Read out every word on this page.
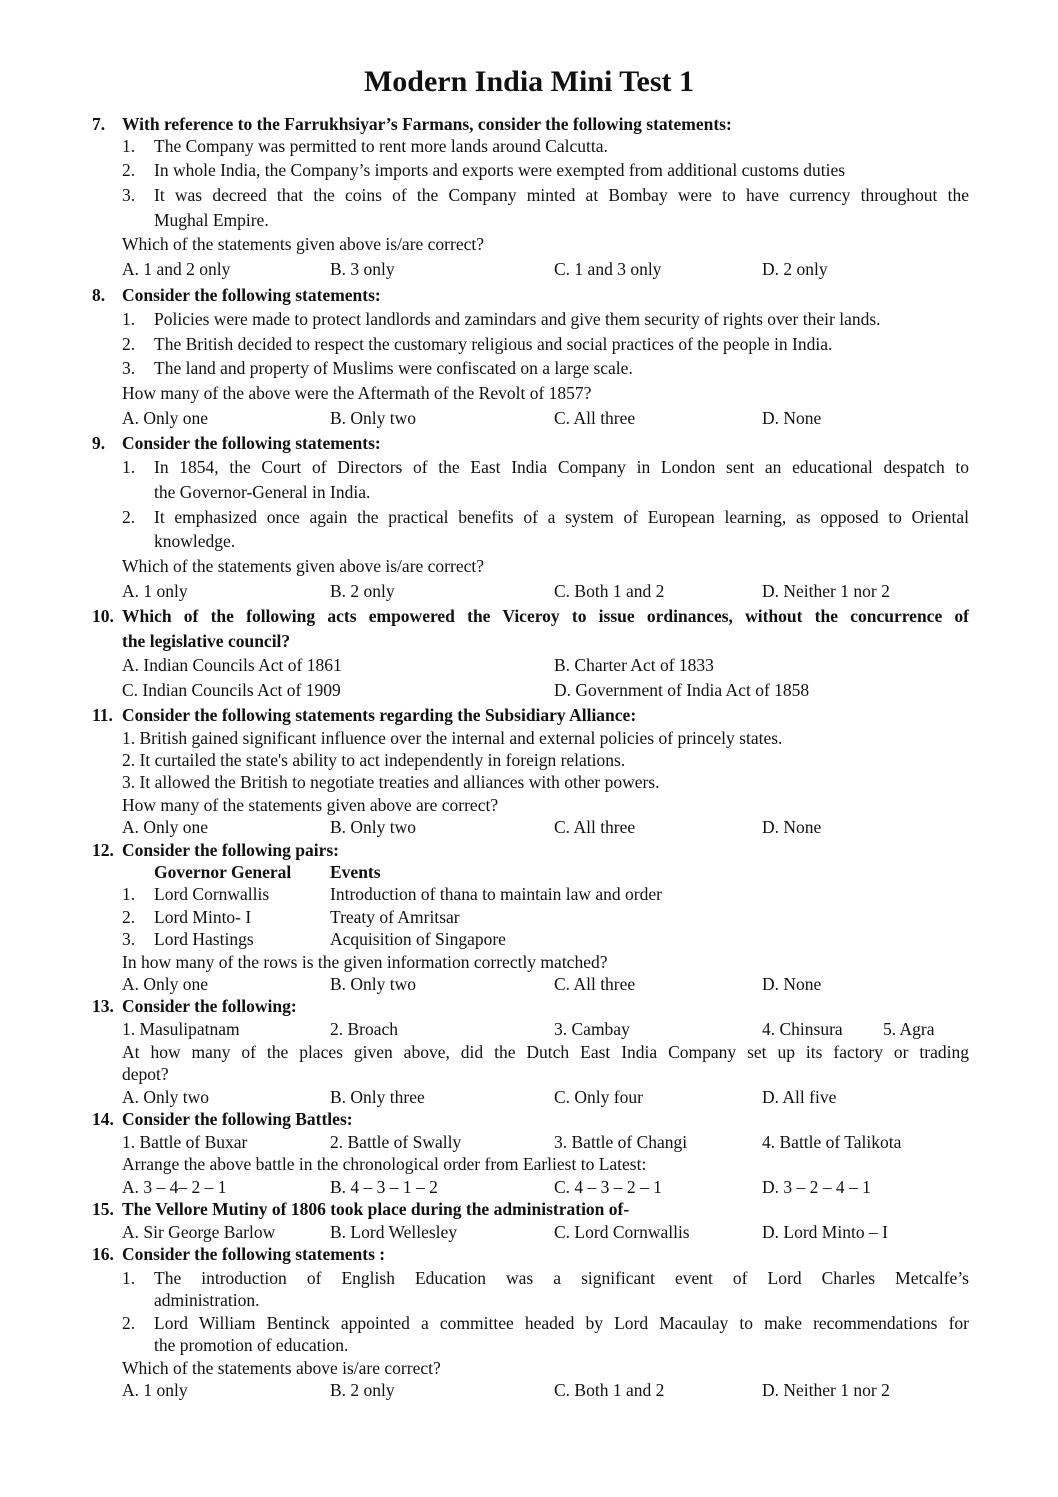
Modern India Mini Test 1
7. With reference to the Farrukhsiyar’s Farmans, consider the following statements:
1. The Company was permitted to rent more lands around Calcutta.
2. In whole India, the Company’s imports and exports were exempted from additional customs duties
3. It was decreed that the coins of the Company minted at Bombay were to have currency throughout the
Mughal Empire.
Which of the statements given above is/are correct?
A. 1 and 2 only	B. 3 only	C. 1 and 3 only	D. 2 only
8. Consider the following statements:
1. Policies were made to protect landlords and zamindars and give them security of rights over their lands.
2. The British decided to respect the customary religious and social practices of the people in India.
3. The land and property of Muslims were confiscated on a large scale.
How many of the above were the Aftermath of the Revolt of 1857?
A. Only one	B. Only two	C. All three	D. None
9. Consider the following statements:
1. In 1854, the Court of Directors of the East India Company in London sent an educational despatch to
the Governor-General in India.
2. It emphasized once again the practical benefits of a system of European learning, as opposed to Oriental
knowledge.
Which of the statements given above is/are correct?
A. 1 only	B. 2 only	C. Both 1 and 2	D. Neither 1 nor 2
10. Which of the following acts empowered the Viceroy to issue ordinances, without the concurrence of
the legislative council?
A. Indian Councils Act of 1861	B. Charter Act of 1833
C. Indian Councils Act of 1909	D. Government of India Act of 1858
11. Consider the following statements regarding the Subsidiary Alliance:
1. British gained significant influence over the internal and external policies of princely states.
2. It curtailed the state's ability to act independently in foreign relations.
3. It allowed the British to negotiate treaties and alliances with other powers.
How many of the statements given above are correct?
A. Only one	B. Only two	C. All three	D. None
12. Consider the following pairs:
Governor General Events
1. Lord Cornwallis	Introduction of thana to maintain law and order
2. Lord Minto- I	Treaty of Amritsar
3. Lord Hastings	Acquisition of Singapore
In how many of the rows is the given information correctly matched?
A. Only one	B. Only two	C. All three	D. None
13. Consider the following:
1. Masulipatnam	2. Broach	3. Cambay	4. Chinsura 5. Agra
At how many of the places given above, did the Dutch East India Company set up its factory or trading
depot?
A. Only two	B. Only three	C. Only four	D. All five
14. Consider the following Battles:
1. Battle of Buxar	2. Battle of Swally	3. Battle of Changi	4. Battle of Talikota
Arrange the above battle in the chronological order from Earliest to Latest:
A. 3 – 4– 2 – 1	B. 4 – 3 – 1 – 2	C. 4 – 3 – 2 – 1	D. 3 – 2 – 4 – 1
15. The Vellore Mutiny of 1806 took place during the administration of-
A. Sir George Barlow	B. Lord Wellesley	C. Lord Cornwallis	D. Lord Minto – I
16. Consider the following statements :
1. The introduction of English Education was a significant event of Lord Charles Metcalfe’s
administration.
2. Lord William Bentinck appointed a committee headed by Lord Macaulay to make recommendations for
the promotion of education.
Which of the statements above is/are correct?
A. 1 only	B. 2 only	C. Both 1 and 2	D. Neither 1 nor 2
